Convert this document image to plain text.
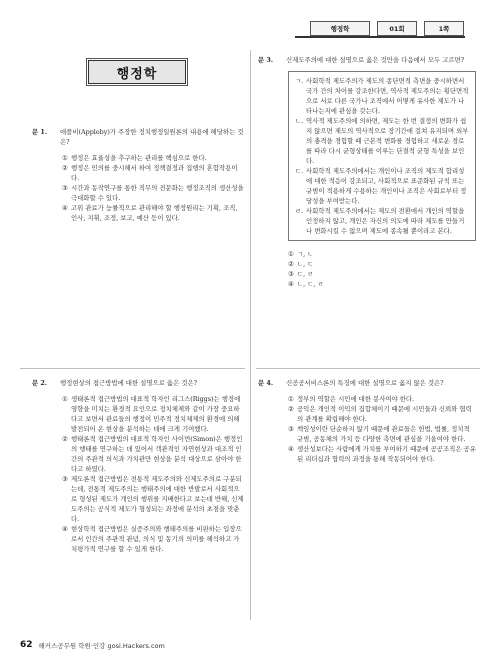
행정학	01회	1쪽
행정학
문 1.	애플비(Appleby)가 주장한 정치행정일원론의 내용에 해당하는 것은?
① 행정은 효율성을 추구하는 관리를 핵심으로 한다.
② 행정은 민의를 중시해서 하여 정책결정과 집행의 혼합작용이다.
③ 시간과 동작연구를 통한 직무의 전문화는 행정조직의 생산성을 극대화할 수 있다.
④ 고위 관료가 능률적으로 관리해야 할 행정원리는 기획, 조직, 인사, 지휘, 조정, 보고, 예산 등이 있다.
문 2.	행정현상의 접근방법에 대한 설명으로 옳은 것은?
① 생태론적 접근방법의 대표적 학자인 리그스(Riggs)는 행정에 영향을 미치는 환경적 요인으로 정치체제와 같이 가장 중요하다고 보면서 관료들의 행정이 민주적 정치체제의 환경에 의해 발전되어 온 현상을 분석하는 데에 크게 기여했다.
② 행태론적 접근방법의 대표적 학자인 사이먼(Simon)은 행정인의 행태를 연구하는 데 있어서 객관적인 자연현상과 대조적 인간의 주관적 의식과 가치관만 현상을 분석 대상으로 삼아야 한다고 하였다.
③ 제도론적 접근방법은 전통적 제도주의와 신제도주의로 구분되는데, 전통적 제도주의는 행태주의에 대한 반발로서 사회적으로 형성된 제도가 개인의 행위를 지배한다고 보는데 반해, 신제도주의는 공식적 제도가 형성되는 과정에 분석의 초점을 맞춘다.
④ 현상학적 접근방법은 실증주의와 행태주의를 비판하는 입장으로서 인간의 주관적 관념, 의식 및 동기의 의미를 해석하고 가치평가적 연구를 할 수 있게 한다.
문 3.	신제도주의에 대한 설명으로 옳은 것만을 다음에서 모두 고르면?
ㄱ. 사회학적 제도주의가 제도의 종단면적 측면을 중시하면서 국가 간의 차이를 강조한다면, 역사적 제도주의는 횡단면적으로 서로 다른 국가나 조직에서 어떻게 유사한 제도가 나타나는지에 관심을 갖는다.
ㄴ. 역사적 제도주의에 의하면, 제도는 한 번 결정의 변화가 쉽지 않으면 제도의 역사적으로 장기간에 걸쳐 유지되며 외부의 충격을 경험할 때 근본적 변화를 경험하고 새로운 경로를 따라 다시 균형상태를 이루는 단절적 균형 특성을 보인다.
ㄷ. 사회학적 제도주의에서는 개인이나 조직의 제도적 합리성에 대한 적응이 강조되고, 사회적으로 표준화된 규칙 또는 규범이 적용하게 수용하는 개인이나 조직은 사회로부터 정당성을 부여받는다.
ㄹ. 사회학적 제도주의에서는 제도의 전환에서 개인의 역할을 인정하지 않고, 개인은 자신의 의도에 따라 제도를 만들거나 변화시킬 수 없으며 제도에 종속될 뿐이라고 본다.
① ㄱ, ㄴ
② ㄴ, ㄷ
③ ㄷ, ㄹ
④ ㄴ, ㄷ, ㄹ
문 4.	신공공서비스론의 특징에 대한 설명으로 옳지 않은 것은?
① 정부의 역할은 시민에 대한 봉사여야 한다.
② 공익은 개인적 이익의 집합체이기 때문에 시민들과 신뢰와 협력의 관계를 확립해야 한다.
③ 책임성이란 단순하지 않기 때문에 관료들은 헌법, 법률, 정치적 규범, 공동체의 가치 등 다양한 측면에 관심을 기울여야 한다.
④ 생산성보다는 사람에게 가치를 부여하기 때문에 공공조직은 공유된 리더십과 협력의 과정을 통해 작동되어야 한다.
62 해커스공무원 학원·인강 gosi.Hackers.com
